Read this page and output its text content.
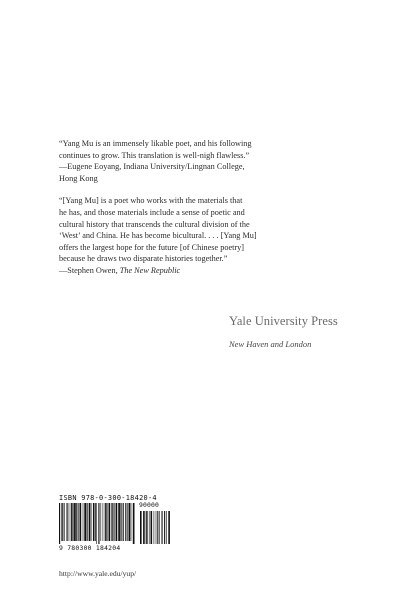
“Yang Mu is an immensely likable poet, and his following

continues to grow. This translation is well-nigh flawless.”

—Eugene Eoyang, Indiana University/Lingnan College,

Hong Kong

“[Yang Mu] is a poet who works with the materials that

he has, and those materials include a sense of poetic and

cultural history that transcends the cultural division of the

‘West’ and China. He has become bicultural. . . . [Yang Mu]

offers the largest hope for the future [of Chinese poetry]

because he draws two disparate histories together.”

—Stephen Owen, The New Republic

Yale University Press

New Haven and London

ISBN 978-0-300-18420-4
90000
9 780300 184204
http://www.yale.edu/yup/
